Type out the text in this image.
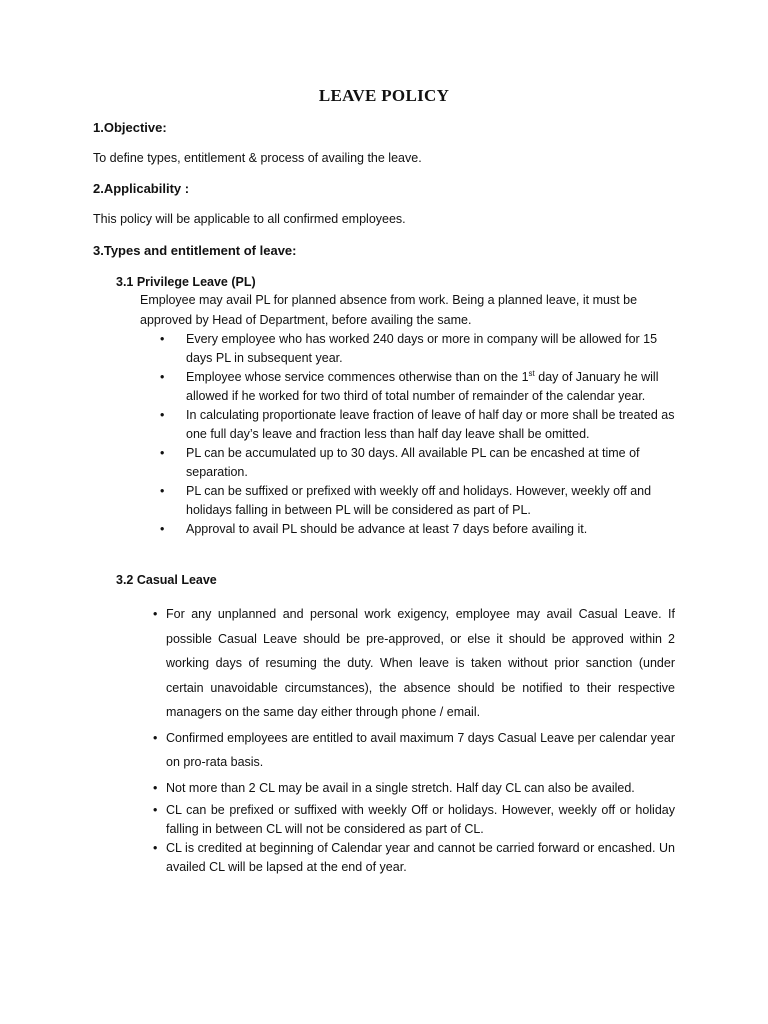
LEAVE POLICY
1.Objective:
To define types, entitlement & process of availing the leave.
2.Applicability :
This policy will be applicable to all confirmed employees.
3.Types and entitlement of leave:
3.1 Privilege Leave (PL)
Employee may avail PL for planned absence from work. Being a planned leave, it must be approved by Head of Department, before availing the same.
• Every employee who has worked 240 days or more in company will be allowed for 15 days PL in subsequent year.
• Employee whose service commences otherwise than on the 1st day of January he will allowed if he worked for two third of total number of remainder of the calendar year.
• In calculating proportionate leave fraction of leave of half day or more shall be treated as one full day’s leave and fraction less than half day leave shall be omitted.
• PL can be accumulated up to 30 days. All available PL can be encashed at time of separation.
• PL can be suffixed or prefixed with weekly off and holidays. However, weekly off and holidays falling in between PL will be considered as part of PL.
• Approval to avail PL should be advance at least 7 days before availing it.
3.2 Casual Leave
• For any unplanned and personal work exigency, employee may avail Casual Leave. If possible Casual Leave should be pre-approved, or else it should be approved within 2 working days of resuming the duty. When leave is taken without prior sanction (under certain unavoidable circumstances), the absence should be notified to their respective managers on the same day either through phone / email.
• Confirmed employees are entitled to avail maximum 7 days Casual Leave per calendar year on pro-rata basis.
• Not more than 2 CL may be avail in a single stretch. Half day CL can also be availed.
• CL can be prefixed or suffixed with weekly Off or holidays. However, weekly off or holiday falling in between CL will not be considered as part of CL.
• CL is credited at beginning of Calendar year and cannot be carried forward or encashed. Un availed CL will be lapsed at the end of year.
